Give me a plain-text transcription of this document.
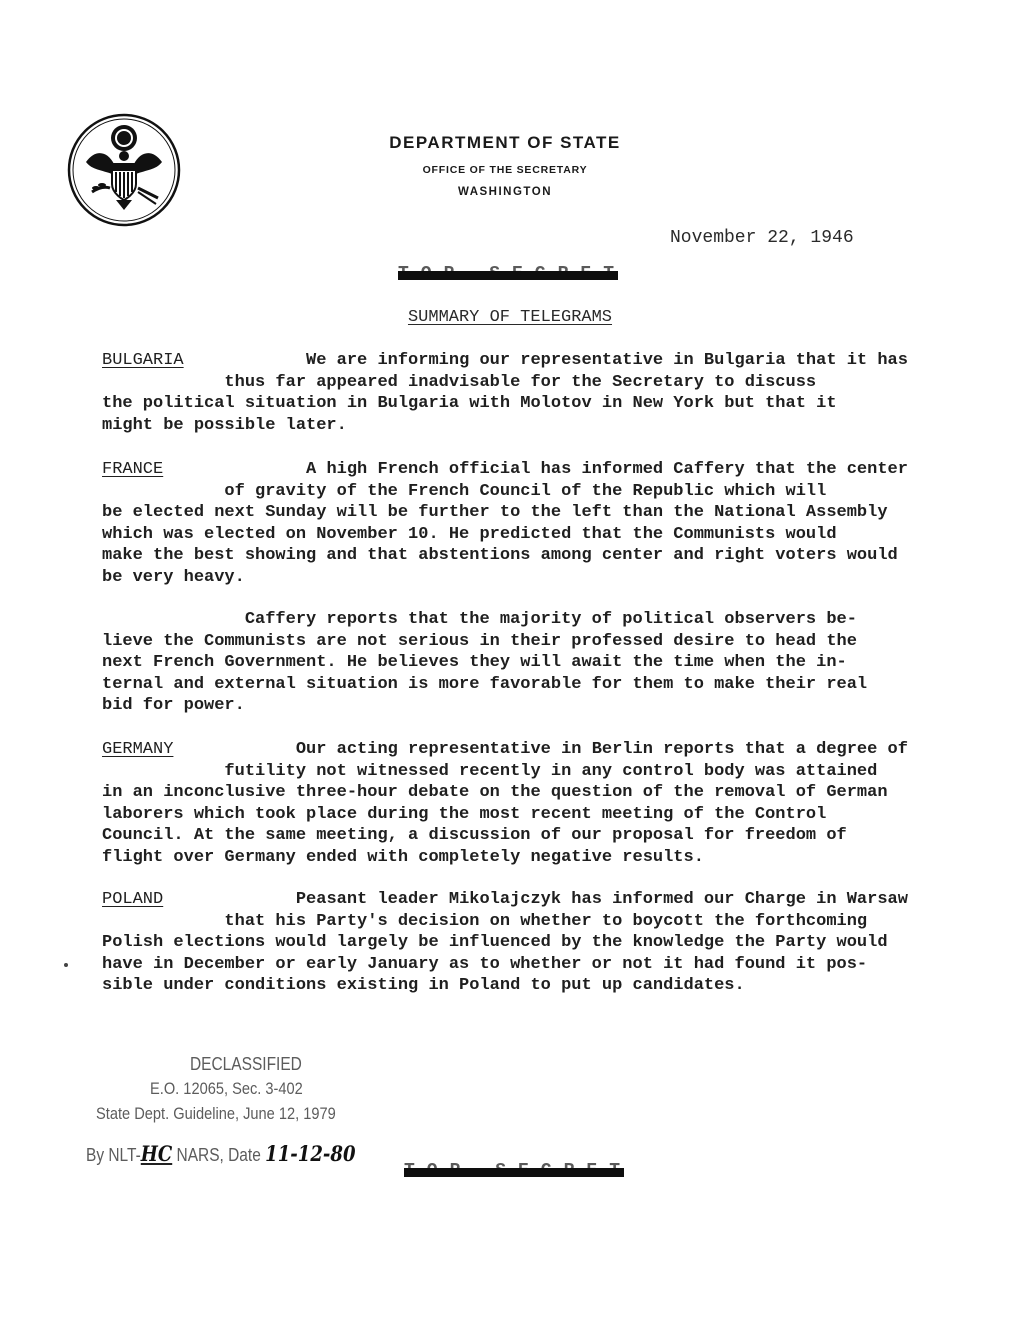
DEPARTMENT OF STATE
OFFICE OF THE SECRETARY
WASHINGTON
November 22, 1946
SUMMARY OF TELEGRAMS
BULGARIA            We are informing our representative in Bulgaria that it has
thus far appeared inadvisable for the Secretary to discuss
the political situation in Bulgaria with Molotov in New York but that it
might be possible later.
FRANCE              A high French official has informed Caffery that the center
of gravity of the French Council of the Republic which will
be elected next Sunday will be further to the left than the National Assembly
which was elected on November 10. He predicted that the Communists would
make the best showing and that abstentions among center and right voters would
be very heavy.
Caffery reports that the majority of political observers be-
lieve the Communists are not serious in their professed desire to head the
next French Government. He believes they will await the time when the in-
ternal and external situation is more favorable for them to make their real
bid for power.
GERMANY            Our acting representative in Berlin reports that a degree of
futility not witnessed recently in any control body was attained
in an inconclusive three-hour debate on the question of the removal of German
laborers which took place during the most recent meeting of the Control
Council. At the same meeting, a discussion of our proposal for freedom of
flight over Germany ended with completely negative results.
POLAND             Peasant leader Mikolajczyk has informed our Charge in Warsaw
that his Party's decision on whether to boycott the forthcoming
Polish elections would largely be influenced by the knowledge the Party would
have in December or early January as to whether or not it had found it pos-
sible under conditions existing in Poland to put up candidates.
DECLASSIFIED
E.O. 12065, Sec. 3-402
State Dept. Guideline, June 12, 1979
By NLT-HC NARS, Date 11-12-80
